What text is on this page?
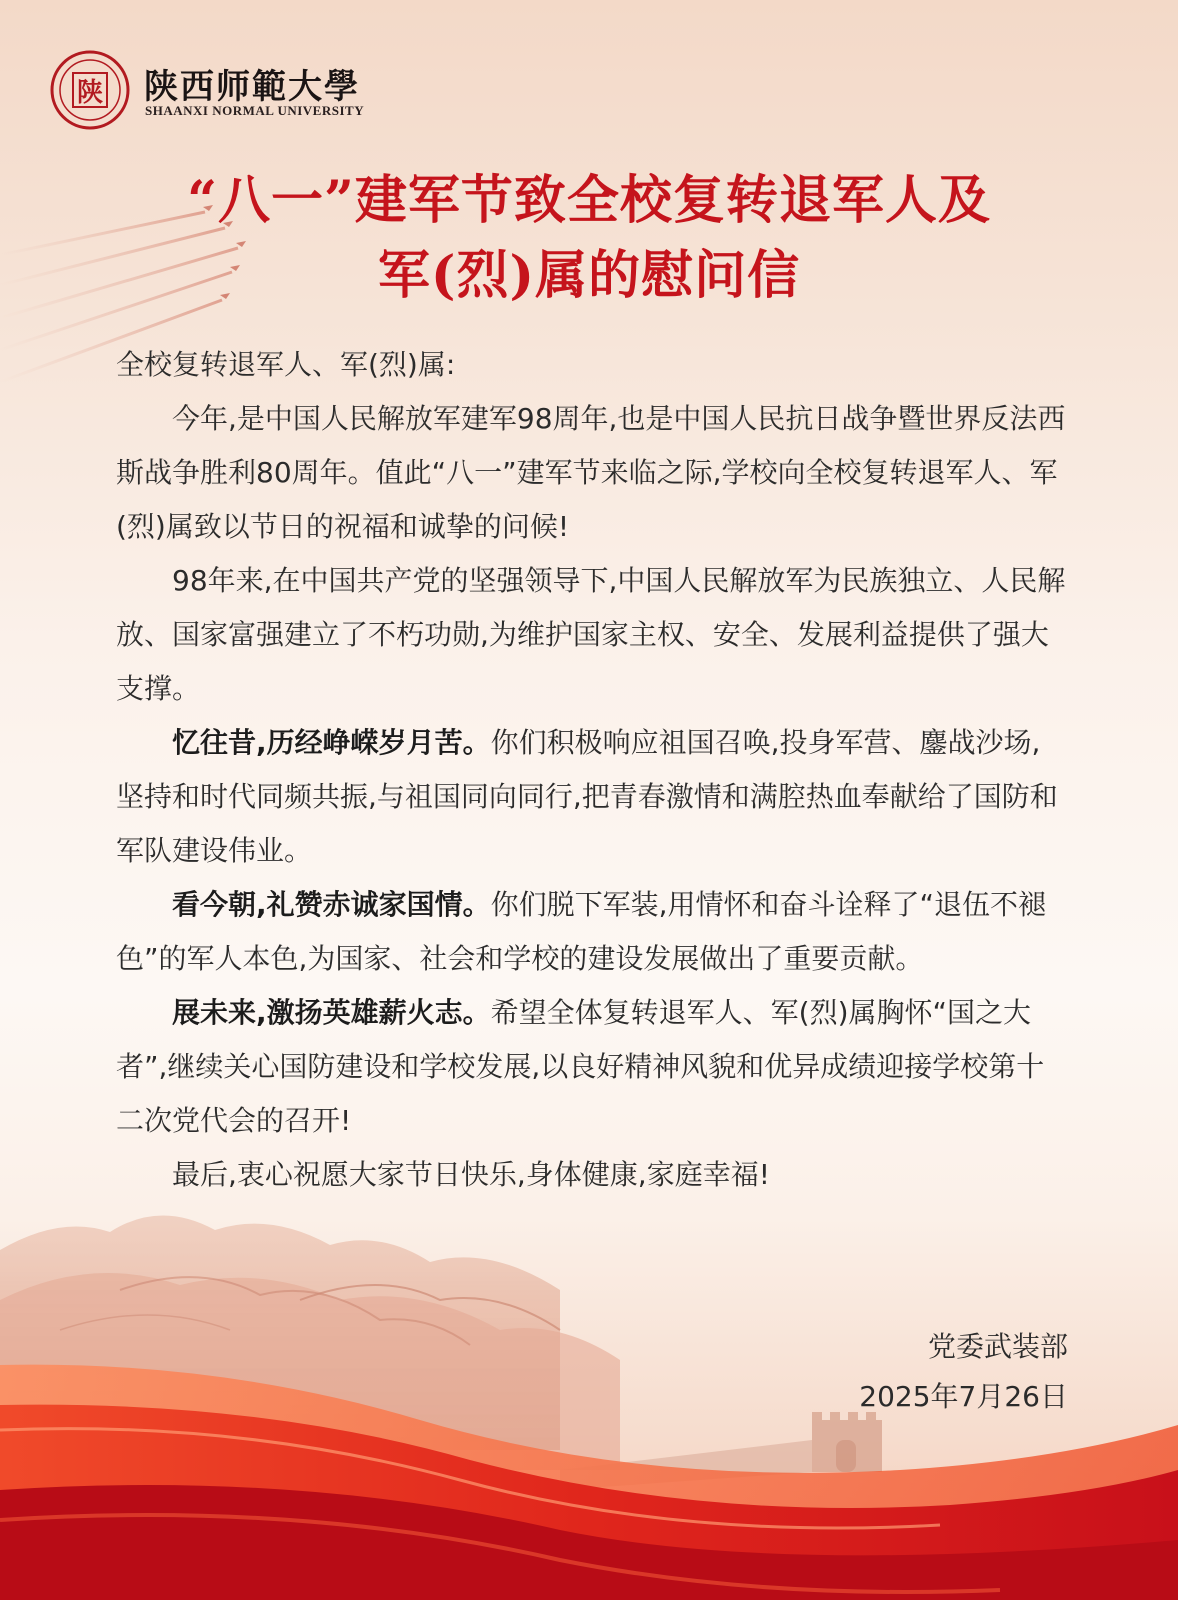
陕 陕西师範大學
SHAANXI NORMAL UNIVERSITY
“八一”建军节致全校复转退军人及
军(烈)属的慰问信

全校复转退军人、军(烈)属:

今年,是中国人民解放军建军98周年,也是中国人民抗日战争暨世界反法西斯战争胜利80周年。值此“八一”建军节来临之际,学校向全校复转退军人、军(烈)属致以节日的祝福和诚挚的问候!

98年来,在中国共产党的坚强领导下,中国人民解放军为民族独立、人民解放、国家富强建立了不朽功勋,为维护国家主权、安全、发展利益提供了强大支撑。

忆往昔,历经峥嵘岁月苦。你们积极响应祖国召唤,投身军营、鏖战沙场,坚持和时代同频共振,与祖国同向同行,把青春激情和满腔热血奉献给了国防和军队建设伟业。

看今朝,礼赞赤诚家国情。你们脱下军装,用情怀和奋斗诠释了“退伍不褪色”的军人本色,为国家、社会和学校的建设发展做出了重要贡献。

展未来,激扬英雄薪火志。希望全体复转退军人、军(烈)属胸怀“国之大者”,继续关心国防建设和学校发展,以良好精神风貌和优异成绩迎接学校第十二次党代会的召开!

最后,衷心祝愿大家节日快乐,身体健康,家庭幸福!

党委武装部
2025年7月26日
